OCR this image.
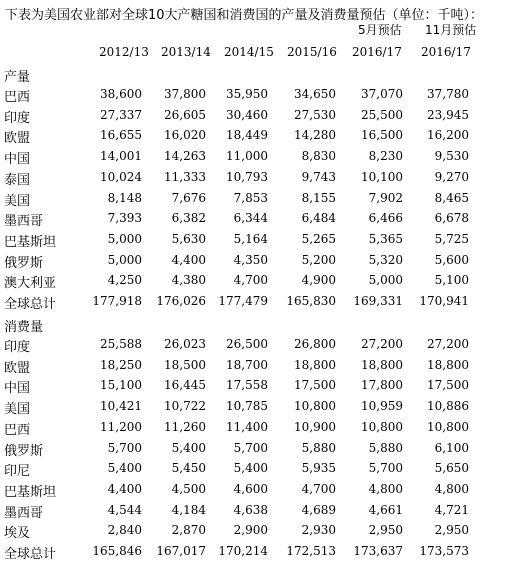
下表为美国农业部对全球10大产糖国和消费国的产量及消费量预估（单位：千吨）：
5月预估 11月预估
2012/13 2013/14 2014/15 2015/16 2016/17 2016/17
产量
巴西	38,600	37,800	35,950	34,650	37,070	37,780
印度	27,337	26,605	30,460	27,530	25,500	23,945
欧盟	16,655	16,020	18,449	14,280	16,500	16,200
中国	14,001	14,263	11,000	8,830	8,230	9,530
泰国	10,024	11,333	10,793	9,743	10,100	9,270
美国	8,148	7,676	7,853	8,155	7,902	8,465
墨西哥	7,393	6,382	6,344	6,484	6,466	6,678
巴基斯坦	5,000	5,630	5,164	5,265	5,365	5,725
俄罗斯	5,000	4,400	4,350	5,200	5,320	5,600
澳大利亚	4,250	4,380	4,700	4,900	5,000	5,100
全球总计	177,918	176,026	177,479	165,830	169,331	170,941
消费量
印度	25,588	26,023	26,500	26,800	27,200	27,200
欧盟	18,250	18,500	18,700	18,800	18,800	18,800
中国	15,100	16,445	17,558	17,500	17,800	17,500
美国	10,421	10,722	10,785	10,800	10,959	10,886
巴西	11,200	11,260	11,400	10,900	10,800	10,800
俄罗斯	5,700	5,400	5,700	5,880	5,880	6,100
印尼	5,400	5,450	5,400	5,935	5,700	5,650
巴基斯坦	4,400	4,500	4,600	4,700	4,800	4,800
墨西哥	4,544	4,184	4,638	4,689	4,661	4,721
埃及	2,840	2,870	2,900	2,930	2,950	2,950
全球总计	165,846	167,017	170,214	172,513	173,637	173,573
